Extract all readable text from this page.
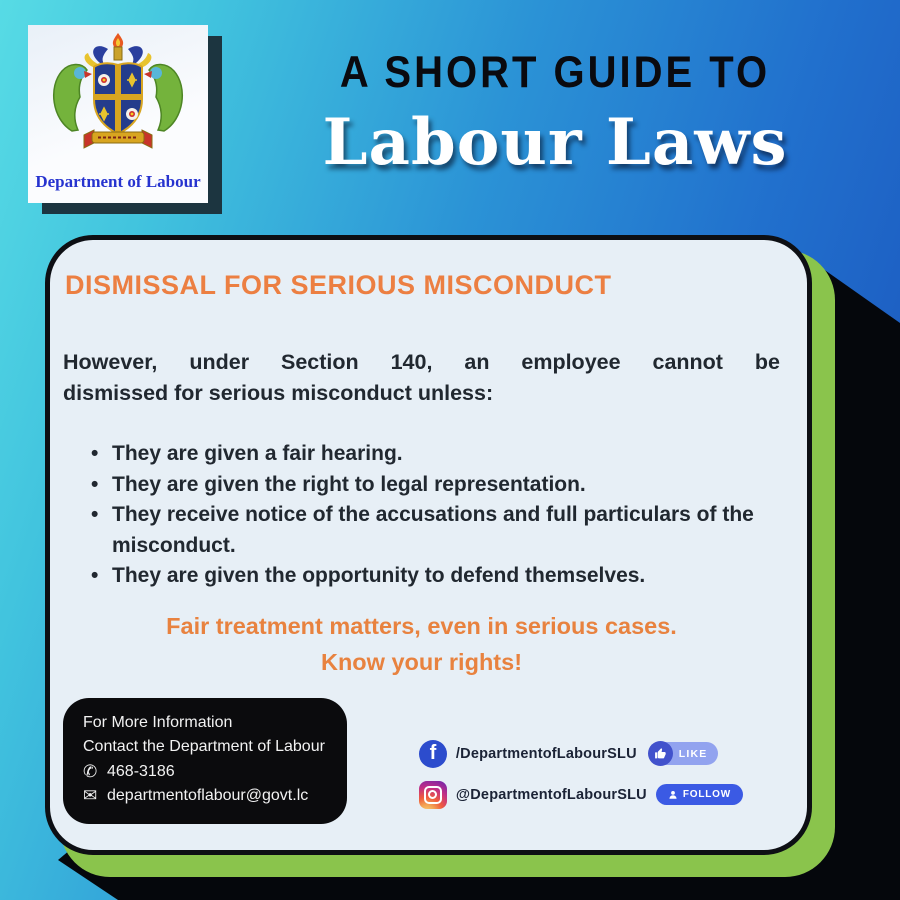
Department of Labour
A SHORT GUIDE TO
Labour Laws
DISMISSAL FOR SERIOUS MISCONDUCT
However, under Section 140, an employee cannot be
dismissed for serious misconduct unless:
• They are given a fair hearing.
• They are given the right to legal representation.
• They receive notice of the accusations and full particulars of the misconduct.
• They are given the opportunity to defend themselves.
Fair treatment matters, even in serious cases.
Know your rights!
For More Information
Contact the Department of Labour
✆ 468-3186
✉ departmentoflabour@govt.lc
f	/DepartmentofLabourSLU	LIKE
@DepartmentofLabourSLU	FOLLOW
